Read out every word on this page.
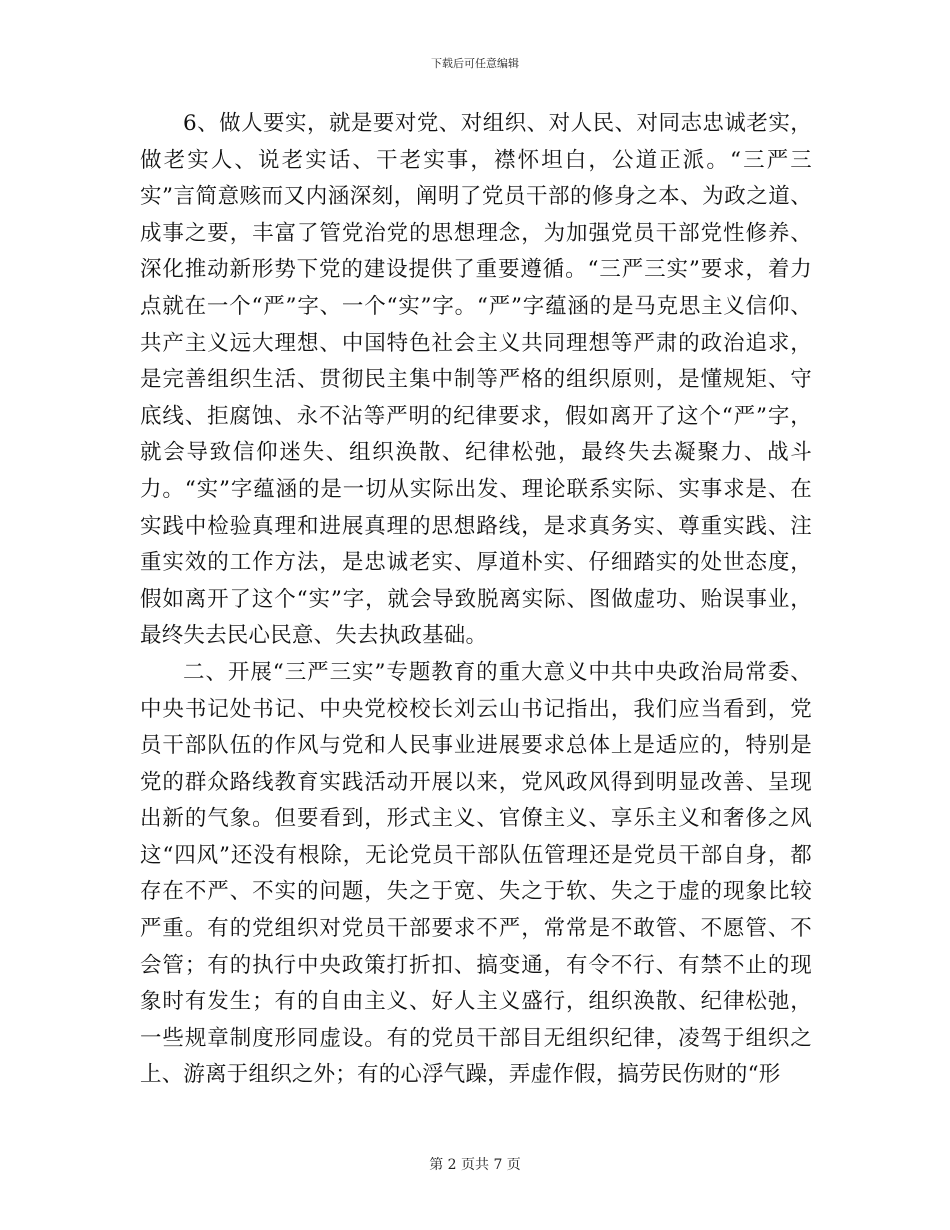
下载后可任意编辑

6、做人要实，就是要对党、对组织、对人民、对同志忠诚老实，做老实人、说老实话、干老实事，襟怀坦白，公道正派。“三严三实”言简意赅而又内涵深刻，阐明了党员干部的修身之本、为政之道、成事之要，丰富了管党治党的思想理念，为加强党员干部党性修养、深化推动新形势下党的建设提供了重要遵循。“三严三实”要求，着力点就在一个“严”字、一个“实”字。“严”字蕴涵的是马克思主义信仰、共产主义远大理想、中国特色社会主义共同理想等严肃的政治追求，是完善组织生活、贯彻民主集中制等严格的组织原则，是懂规矩、守底线、拒腐蚀、永不沾等严明的纪律要求，假如离开了这个“严”字，就会导致信仰迷失、组织涣散、纪律松弛，最终失去凝聚力、战斗力。“实”字蕴涵的是一切从实际出发、理论联系实际、实事求是、在实践中检验真理和进展真理的思想路线，是求真务实、尊重实践、注重实效的工作方法，是忠诚老实、厚道朴实、仔细踏实的处世态度，假如离开了这个“实”字，就会导致脱离实际、图做虚功、贻误事业，最终失去民心民意、失去执政基础。

二、开展“三严三实”专题教育的重大意义中共中央政治局常委、中央书记处书记、中央党校校长刘云山书记指出，我们应当看到，党员干部队伍的作风与党和人民事业进展要求总体上是适应的，特别是党的群众路线教育实践活动开展以来，党风政风得到明显改善、呈现出新的气象。但要看到，形式主义、官僚主义、享乐主义和奢侈之风这“四风”还没有根除，无论党员干部队伍管理还是党员干部自身，都存在不严、不实的问题，失之于宽、失之于软、失之于虚的现象比较严重。有的党组织对党员干部要求不严，常常是不敢管、不愿管、不会管；有的执行中央政策打折扣、搞变通，有令不行、有禁不止的现象时有发生；有的自由主义、好人主义盛行，组织涣散、纪律松弛，一些规章制度形同虚设。有的党员干部目无组织纪律，凌驾于组织之上、游离于组织之外；有的心浮气躁，弄虚作假，搞劳民伤财的“形

第 2 页共 7 页
